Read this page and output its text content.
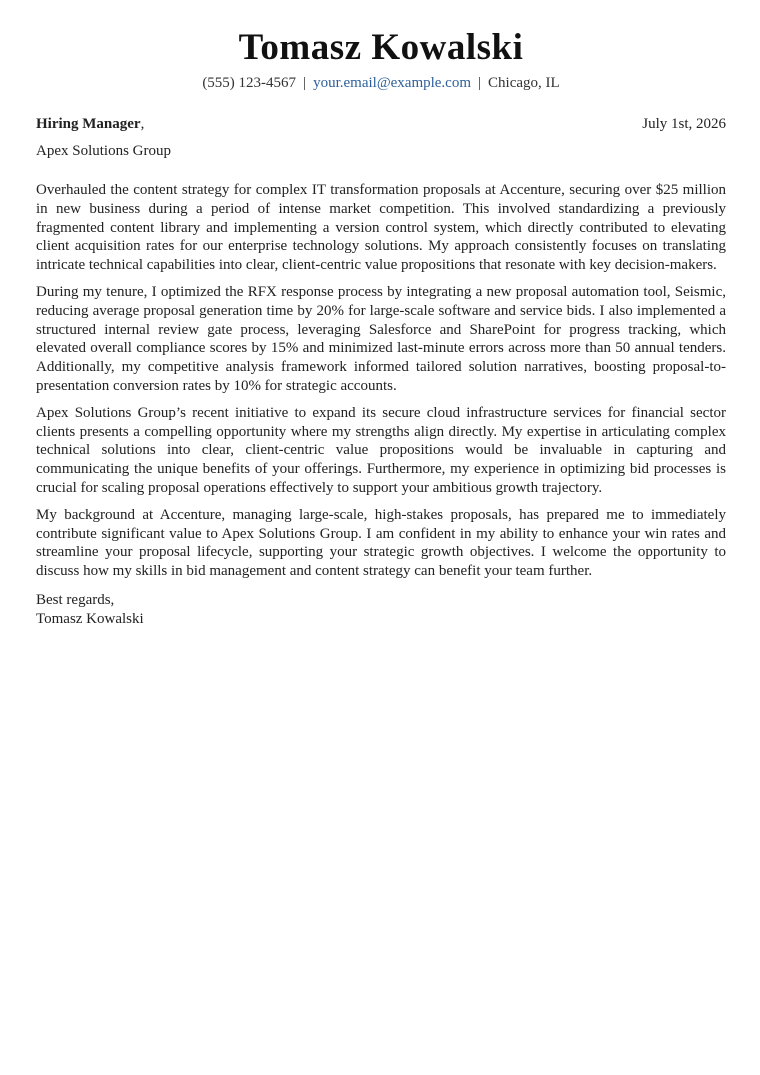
Tomasz Kowalski
(555) 123-4567 | your.email@example.com | Chicago, IL
Hiring Manager,	July 1st, 2026
Apex Solutions Group

Overhauled the content strategy for complex IT transformation proposals at Accenture, securing over $25 million in new business during a period of intense market competition. This involved standardizing a previously fragmented content library and implementing a version control system, which directly contributed to elevating client acquisition rates for our enterprise technology solutions. My approach consistently focuses on translating intricate technical capabilities into clear, client-centric value propositions that resonate with key decision-makers.

During my tenure, I optimized the RFX response process by integrating a new proposal automation tool, Seismic, reducing average proposal generation time by 20% for large-scale software and service bids. I also implemented a structured internal review gate process, leveraging Salesforce and SharePoint for progress tracking, which elevated overall compliance scores by 15% and minimized last-minute errors across more than 50 annual tenders. Additionally, my competitive analysis framework informed tailored solution narratives, boosting proposal-to-presentation conversion rates by 10% for strategic accounts.

Apex Solutions Group’s recent initiative to expand its secure cloud infrastructure services for financial sector clients presents a compelling opportunity where my strengths align directly. My expertise in articulating complex technical solutions into clear, client-centric value propositions would be invaluable in capturing and communicating the unique benefits of your offerings. Furthermore, my experience in optimizing bid processes is crucial for scaling proposal operations effectively to support your ambitious growth trajectory.

My background at Accenture, managing large-scale, high-stakes proposals, has prepared me to immediately contribute significant value to Apex Solutions Group. I am confident in my ability to enhance your win rates and streamline your proposal lifecycle, supporting your strategic growth objectives. I welcome the opportunity to discuss how my skills in bid management and content strategy can benefit your team further.

Best regards,
Tomasz Kowalski
